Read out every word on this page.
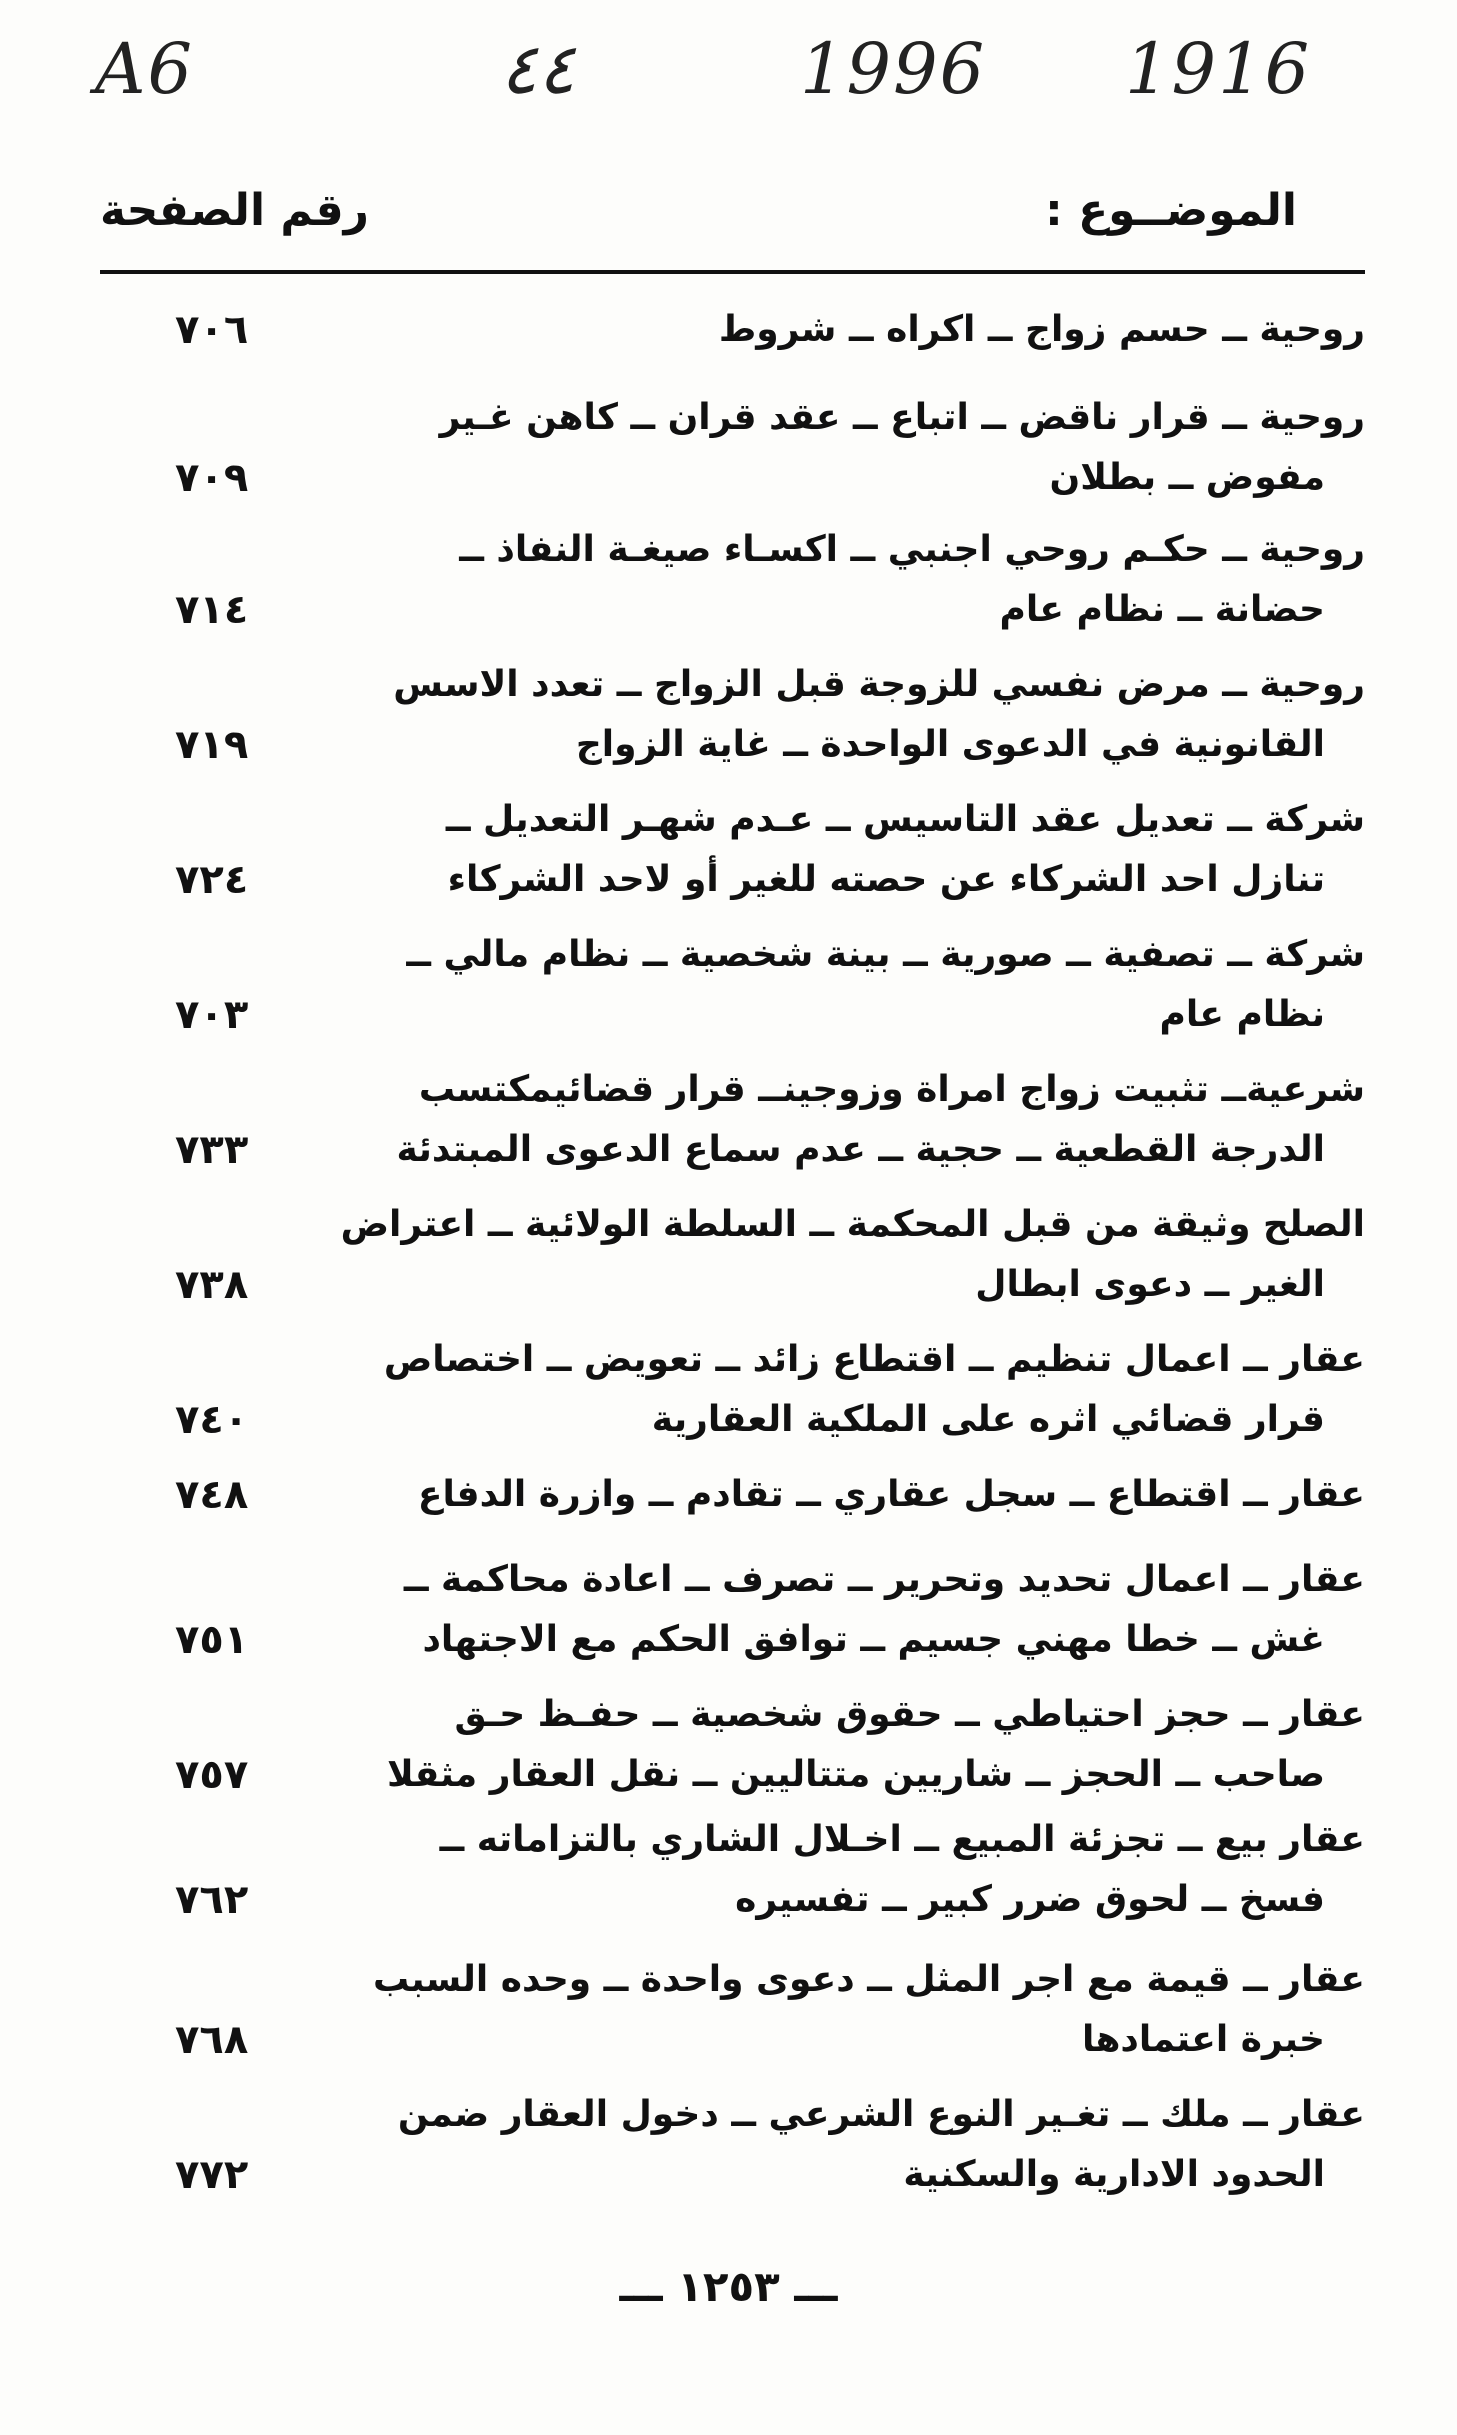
A6	٤٤	1996 1916
الموضــوع :
رقم الصفحة
روحية ــ حسم زواج ــ اكراه ــ شروط
٧٠٦
روحية ــ قرار ناقض ــ اتباع ــ عقد قران ــ كاهن غـير
مفوض ــ بطلان
٧٠٩
روحية ــ حكـم روحي اجنبي ــ اكسـاء صيغـة النفاذ ــ
حضانة ــ نظام عام
٧١٤
روحية ــ مرض نفسي للزوجة قبل الزواج ــ تعدد الاسس
القانونية في الدعوى الواحدة ــ غاية الزواج
٧١٩
شركة ــ تعديل عقد التاسيس ــ عـدم شهـر التعديل ــ
تنازل احد الشركاء عن حصته للغير أو لاحد الشركاء
٧٢٤
شركة ــ تصفية ــ صورية ــ بينة شخصية ــ نظام مالي ــ
نظام عام
٧٠٣
شرعيةــ تثبيت زواج امراة وزوجينــ قرار قضائيمكتسب
الدرجة القطعية ــ حجية ــ عدم سماع الدعوى المبتدئة
٧٣٣
الصلح وثيقة من قبل المحكمة ــ السلطة الولائية ــ اعتراض
الغير ــ دعوى ابطال
٧٣٨
عقار ــ اعمال تنظيم ــ اقتطاع زائد ــ تعويض ــ اختصاص
قرار قضائي اثره على الملكية العقارية
٧٤٠
عقار ــ اقتطاع ــ سجل عقاري ــ تقادم ــ وازرة الدفاع
٧٤٨
عقار ــ اعمال تحديد وتحرير ــ تصرف ــ اعادة محاكمة ــ
غش ــ خطا مهني جسيم ــ توافق الحكم مع الاجتهاد
٧٥١
عقار ــ حجز احتياطي ــ حقوق شخصية ــ حفـظ حـق
صاحب ــ الحجز ــ شاريين متتاليين ــ نقل العقار مثقلا
٧٥٧
عقار بيع ــ تجزئة المبيع ــ اخـلال الشاري بالتزاماته ــ
فسخ ــ لحوق ضرر كبير ــ تفسيره
٧٦٢
عقار ــ قيمة مع اجر المثل ــ دعوى واحدة ــ وحده السبب
خبرة اعتمادها
٧٦٨
عقار ــ ملك ــ تغـير النوع الشرعي ــ دخول العقار ضمن
الحدود الادارية والسكنية
٧٧٢
ـــ ١٢٥٣ ـــ
